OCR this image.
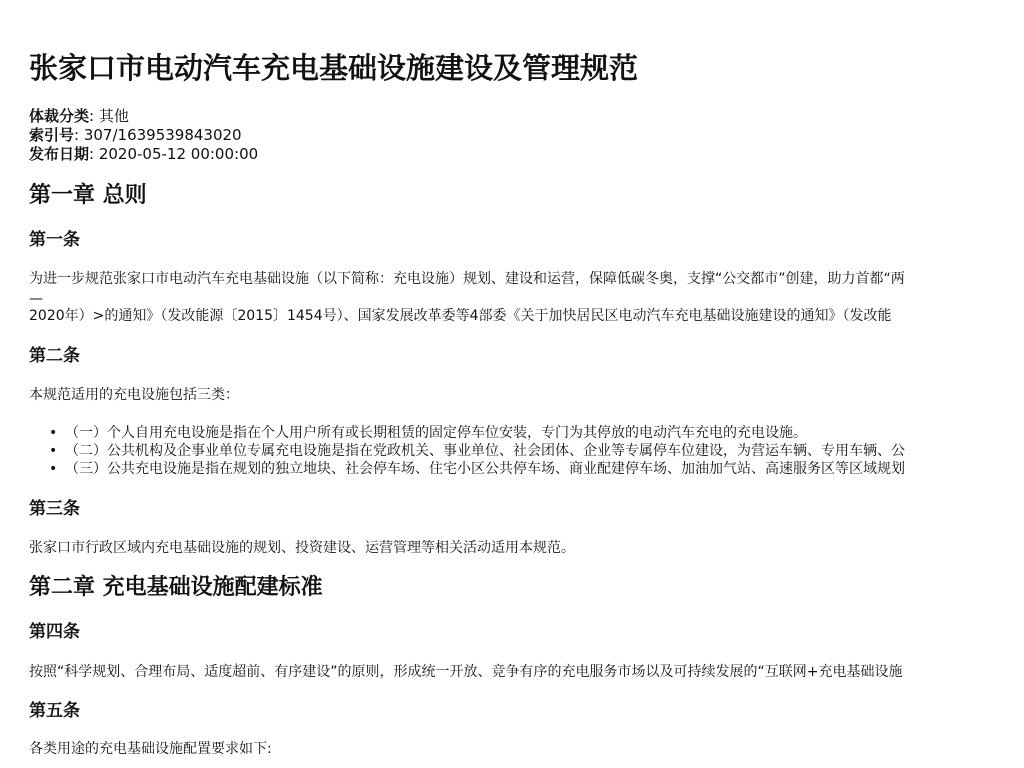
张家口市电动汽车充电基础设施建设及管理规范
体裁分类: 其他
索引号: 307/1639539843020
发布日期: 2020-05-12 00:00:00
第一章 总则
第一条

为进一步规范张家口市电动汽车充电基础设施（以下简称：充电设施）规划、建设和运营，保障低碳冬奥，支撑“公交都市”创建，助力首都“两

—

2020年）>的通知》（发改能源〔2015〕1454号）、国家发展改革委等4部委《关于加快居民区电动汽车充电基础设施建设的通知》（发改能

第二条

本规范适用的充电设施包括三类：

• （一）个人自用充电设施是指在个人用户所有或长期租赁的固定停车位安装，专门为其停放的电动汽车充电的充电设施。
• （二）公共机构及企事业单位专属充电设施是指在党政机关、事业单位、社会团体、企业等专属停车位建设，为营运车辆、专用车辆、公
• （三）公共充电设施是指在规划的独立地块、社会停车场、住宅小区公共停车场、商业配建停车场、加油加气站、高速服务区等区域规划
第三条

张家口市行政区域内充电基础设施的规划、投资建设、运营管理等相关活动适用本规范。

第二章 充电基础设施配建标准
第四条

按照“科学规划、合理布局、适度超前、有序建设”的原则，形成统一开放、竞争有序的充电服务市场以及可持续发展的“互联网+充电基础设施

第五条

各类用途的充电基础设施配置要求如下:
